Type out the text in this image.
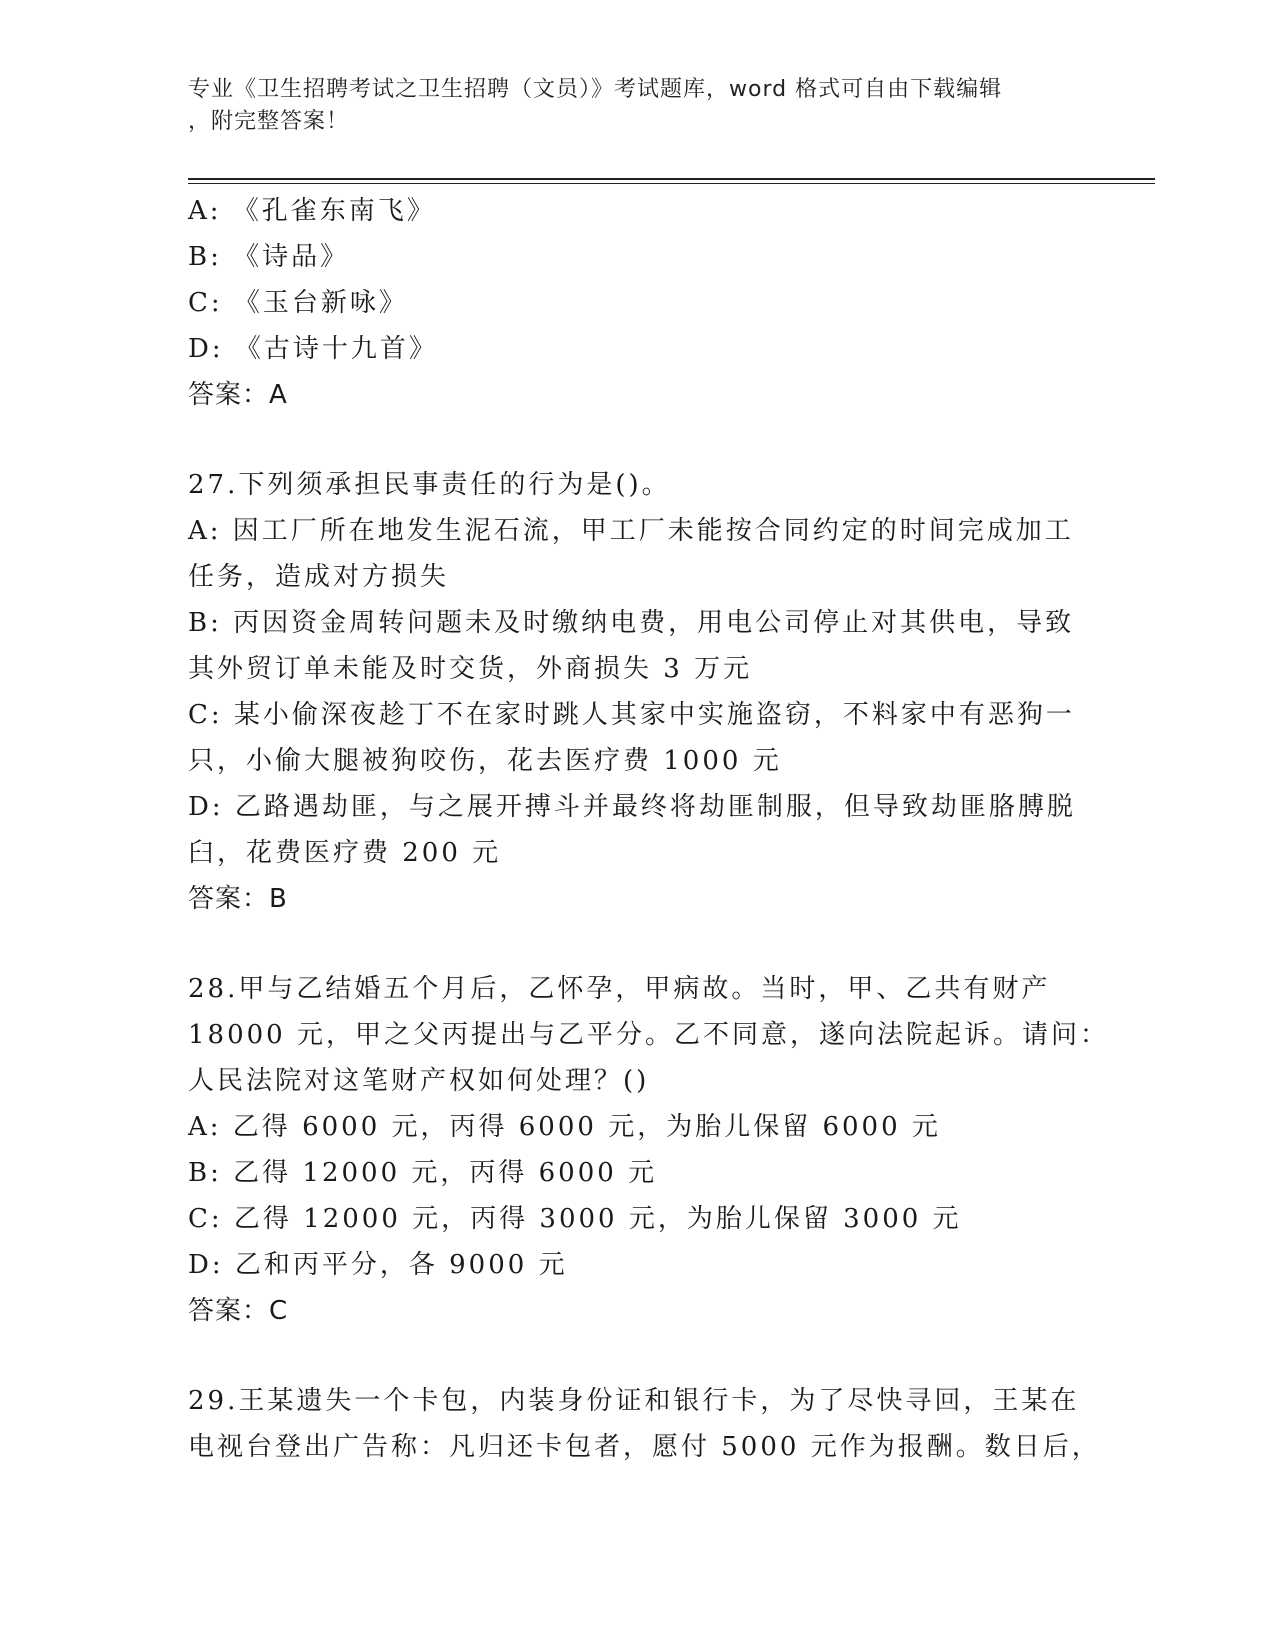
专业《卫生招聘考试之卫生招聘（文员）》考试题库，word 格式可自由下载编辑
，附完整答案！
A: 《孔雀东南飞》
B: 《诗品》
C: 《玉台新咏》
D: 《古诗十九首》
答案：A
27.下列须承担民事责任的行为是()。
A: 因工厂所在地发生泥石流，甲工厂未能按合同约定的时间完成加工
任务，造成对方损失
B: 丙因资金周转问题未及时缴纳电费，用电公司停止对其供电，导致
其外贸订单未能及时交货，外商损失 3 万元
C: 某小偷深夜趁丁不在家时跳人其家中实施盗窃，不料家中有恶狗一
只，小偷大腿被狗咬伤，花去医疗费 1000 元
D: 乙路遇劫匪，与之展开搏斗并最终将劫匪制服，但导致劫匪胳膊脱
臼，花费医疗费 200 元
答案：B
28.甲与乙结婚五个月后，乙怀孕，甲病故。当时，甲、乙共有财产
18000 元，甲之父丙提出与乙平分。乙不同意，遂向法院起诉。请问：
人民法院对这笔财产权如何处理？()
A: 乙得 6000 元，丙得 6000 元，为胎儿保留 6000 元
B: 乙得 12000 元，丙得 6000 元
C: 乙得 12000 元，丙得 3000 元，为胎儿保留 3000 元
D: 乙和丙平分，各 9000 元
答案：C
29.王某遗失一个卡包，内装身份证和银行卡，为了尽快寻回，王某在
电视台登出广告称：凡归还卡包者，愿付 5000 元作为报酬。数日后，
